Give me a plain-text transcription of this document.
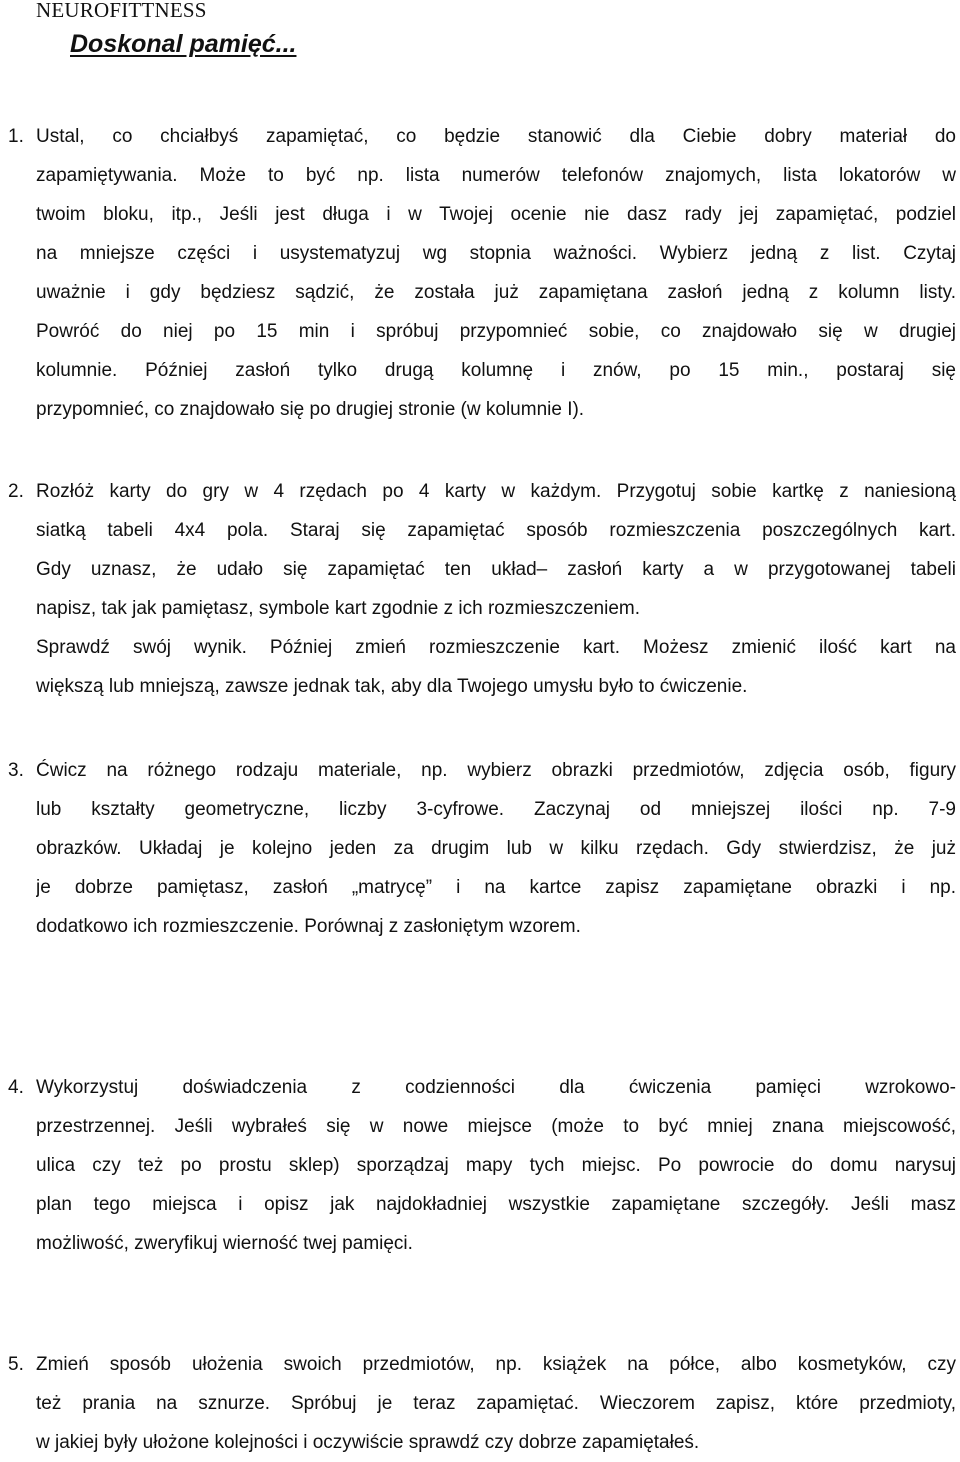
NEUROFITTNESS
Doskonal pamięć...
1. Ustal, co chciałbyś zapamiętać, co będzie stanowić dla Ciebie dobry materiał do
zapamiętywania. Może to być np. lista numerów telefonów znajomych, lista lokatorów w
twoim bloku, itp., Jeśli jest długa i w Twojej ocenie nie dasz rady jej zapamiętać, podziel
na mniejsze części i usystematyzuj wg stopnia ważności. Wybierz jedną z list. Czytaj
uważnie i gdy będziesz sądzić, że została już zapamiętana zasłoń jedną z kolumn listy.
Powróć do niej po 15 min i spróbuj przypomnieć sobie, co znajdowało się w drugiej
kolumnie. Później zasłoń tylko drugą kolumnę i znów, po 15 min., postaraj się
przypomnieć, co znajdowało się po drugiej stronie (w kolumnie I).

2. Rozłóż karty do gry w 4 rzędach po 4 karty w każdym. Przygotuj sobie kartkę z naniesioną
siatką tabeli 4x4 pola. Staraj się zapamiętać sposób rozmieszczenia poszczególnych kart.
Gdy uznasz, że udało się zapamiętać ten układ– zasłoń karty a w przygotowanej tabeli
napisz, tak jak pamiętasz, symbole kart zgodnie z ich rozmieszczeniem.
Sprawdź swój wynik. Później zmień rozmieszczenie kart. Możesz zmienić ilość kart na
większą lub mniejszą, zawsze jednak tak, aby dla Twojego umysłu było to ćwiczenie.

3. Ćwicz na różnego rodzaju materiale, np. wybierz obrazki przedmiotów, zdjęcia osób, figury
lub kształty geometryczne, liczby 3-cyfrowe. Zaczynaj od mniejszej ilości np. 7-9
obrazków. Układaj je kolejno jeden za drugim lub w kilku rzędach. Gdy stwierdzisz, że już
je dobrze pamiętasz, zasłoń „matrycę” i na kartce zapisz zapamiętane obrazki i np.
dodatkowo ich rozmieszczenie. Porównaj z zasłoniętym wzorem.

4. Wykorzystuj doświadczenia z codzienności dla ćwiczenia pamięci wzrokowo-
przestrzennej. Jeśli wybrałeś się w nowe miejsce (może to być mniej znana miejscowość,
ulica czy też po prostu sklep) sporządzaj mapy tych miejsc. Po powrocie do domu narysuj
plan tego miejsca i opisz jak najdokładniej wszystkie zapamiętane szczegóły. Jeśli masz
możliwość, zweryfikuj wierność twej pamięci.

5. Zmień sposób ułożenia swoich przedmiotów, np. książek na półce, albo kosmetyków, czy
też prania na sznurze. Spróbuj je teraz zapamiętać. Wieczorem zapisz, które przedmioty,
w jakiej były ułożone kolejności i oczywiście sprawdź czy dobrze zapamiętałeś.
